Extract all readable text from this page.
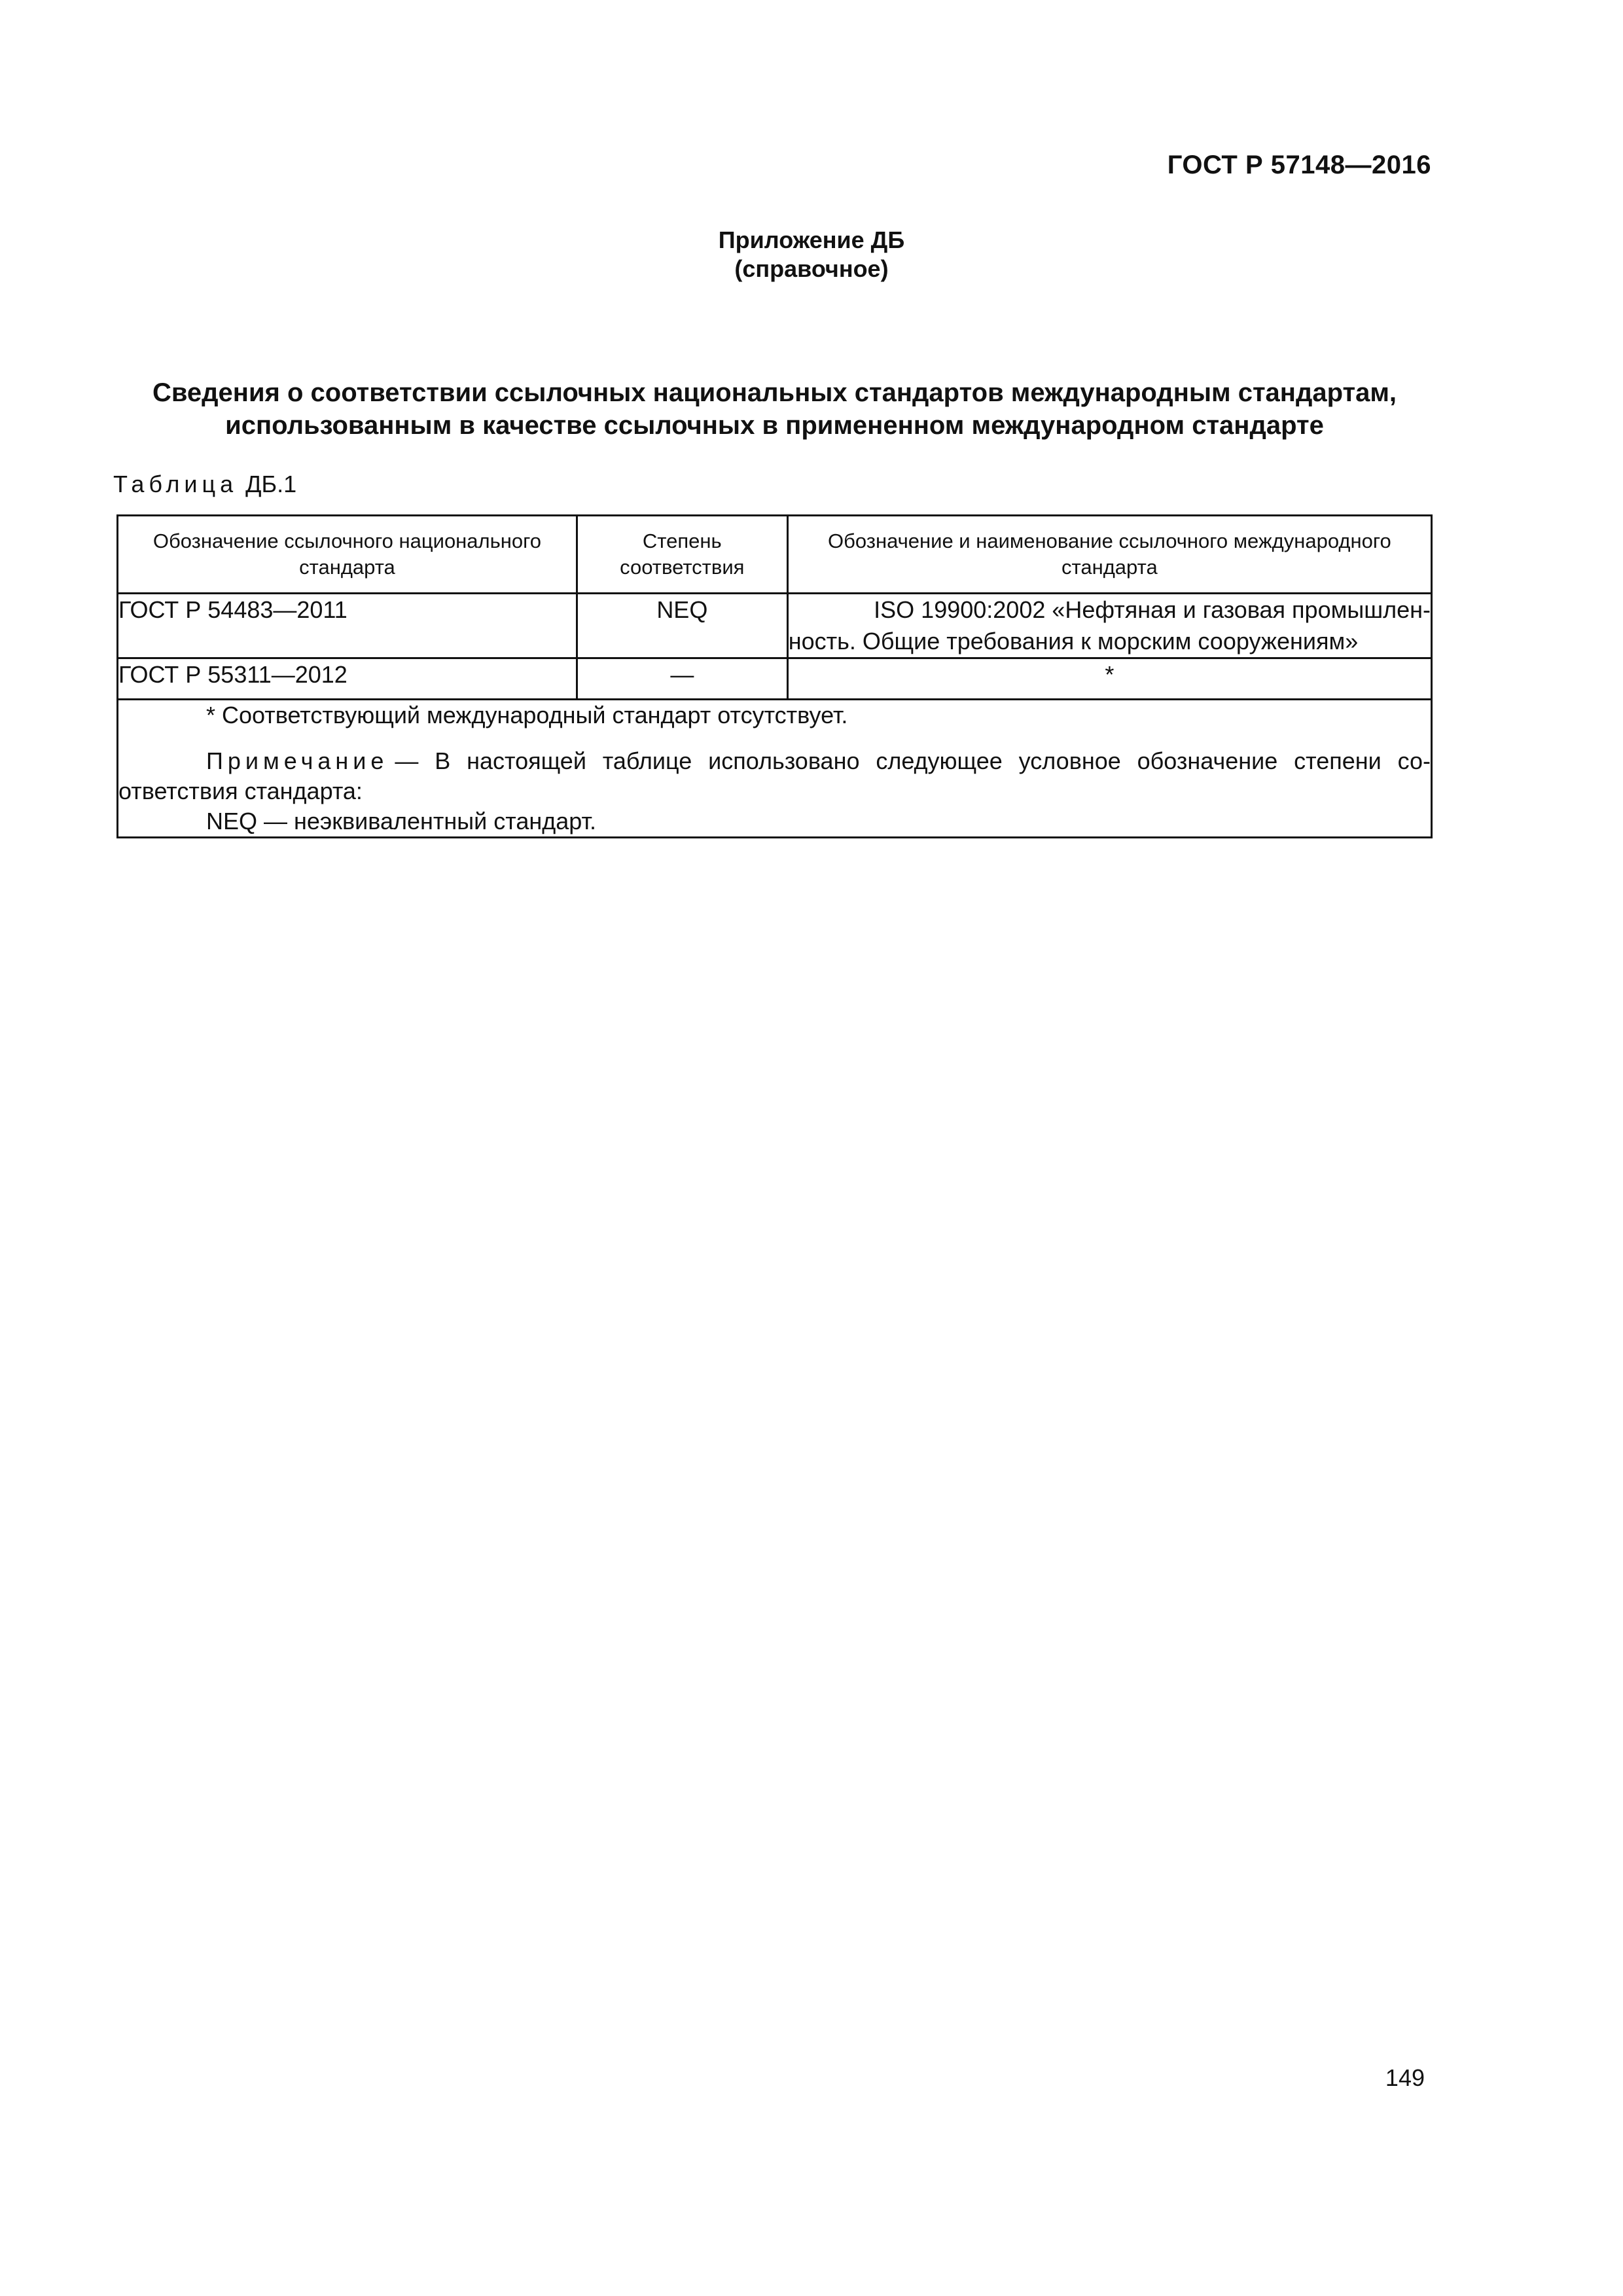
ГОСТ Р 57148—2016
Приложение ДБ
(справочное)
Сведения о соответствии ссылочных национальных стандартов международным стандартам,
использованным в качестве ссылочных в примененном международном стандарте
Таблица ДБ.1
Обозначение ссылочного национального стандарта	Степень соответствия	Обозначение и наименование ссылочного международного стандарта
ГОСТ Р 54483—2011	NEQ	ISO 19900:2002 «Нефтяная и газовая промышлен-
ность. Общие требования к морским сооружениям»

ГОСТ Р 55311—2012	—	*

* Соответствующий международный стандарт отсутствует.

Примечание — В настоящей таблице использовано следующее условное обозначение степени со-ответствия стандарта:

NEQ — неэквивалентный стандарт.		

149
